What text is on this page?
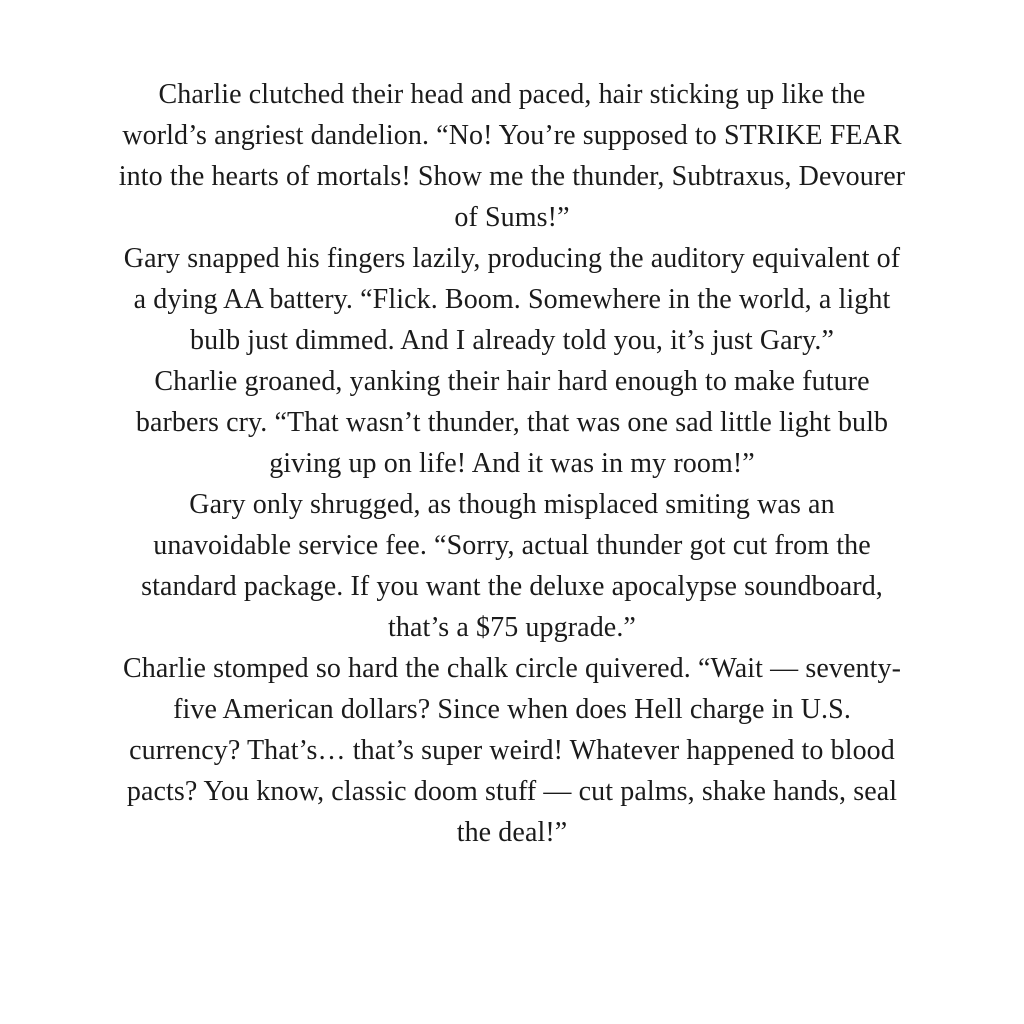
Charlie clutched their head and paced, hair sticking up like the world’s angriest dandelion. “No! You’re supposed to STRIKE FEAR into the hearts of mortals! Show me the thunder, Subtraxus, Devourer of Sums!”

Gary snapped his fingers lazily, producing the auditory equivalent of a dying AA battery. “Flick. Boom. Somewhere in the world, a light bulb just dimmed. And I already told you, it’s just Gary.”

Charlie groaned, yanking their hair hard enough to make future barbers cry. “That wasn’t thunder, that was one sad little light bulb giving up on life! And it was in my room!”

Gary only shrugged, as though misplaced smiting was an unavoidable service fee. “Sorry, actual thunder got cut from the standard package. If you want the deluxe apocalypse soundboard, that’s a $75 upgrade.”

Charlie stomped so hard the chalk circle quivered. “Wait — seventy-five American dollars? Since when does Hell charge in U.S. currency? That’s… that’s super weird! Whatever happened to blood pacts? You know, classic doom stuff — cut palms, shake hands, seal the deal!”
